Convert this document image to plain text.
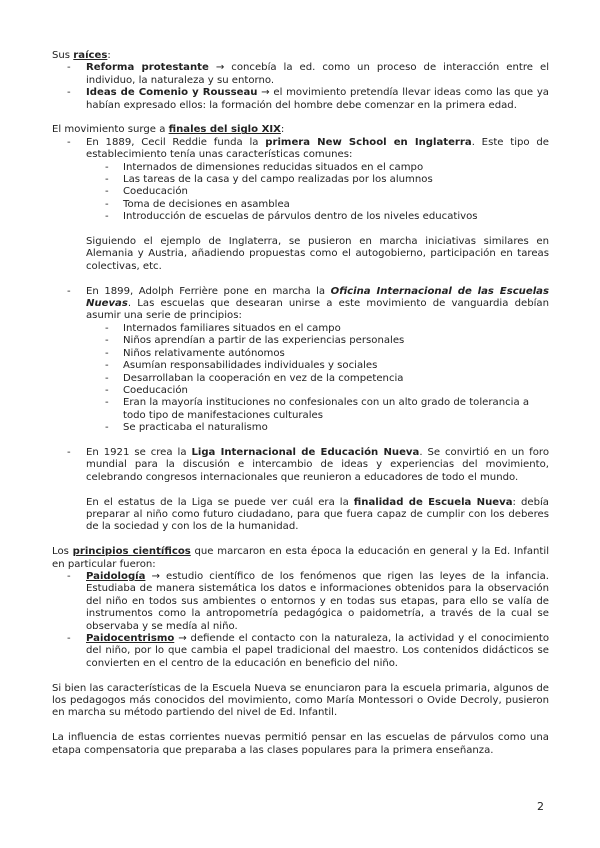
Sus raíces:

- Reforma protestante → concebía la ed. como un proceso de interacción entre el individuo, la naturaleza y su entorno.
- Ideas de Comenio y Rousseau → el movimiento pretendía llevar ideas como las que ya habían expresado ellos: la formación del hombre debe comenzar en la primera edad.

El movimiento surge a finales del siglo XIX:

- En 1889, Cecil Reddie funda la primera New School en Inglaterra. Este tipo de establecimiento tenía unas características comunes:
- Internados de dimensiones reducidas situados en el campo
- Las tareas de la casa y del campo realizadas por los alumnos
- Coeducación
- Toma de decisiones en asamblea
- Introducción de escuelas de párvulos dentro de los niveles educativos

Siguiendo el ejemplo de Inglaterra, se pusieron en marcha iniciativas similares en Alemania y Austria, añadiendo propuestas como el autogobierno, participación en tareas colectivas, etc.

- En 1899, Adolph Ferrière pone en marcha la Oficina Internacional de las Escuelas Nuevas. Las escuelas que desearan unirse a este movimiento de vanguardia debían asumir una serie de principios:
- Internados familiares situados en el campo
- Niños aprendían a partir de las experiencias personales
- Niños relativamente autónomos
- Asumían responsabilidades individuales y sociales
- Desarrollaban la cooperación en vez de la competencia
- Coeducación
- Eran la mayoría instituciones no confesionales con un alto grado de tolerancia a todo tipo de manifestaciones culturales
- Se practicaba el naturalismo
- En 1921 se crea la Liga Internacional de Educación Nueva. Se convirtió en un foro mundial para la discusión e intercambio de ideas y experiencias del movimiento, celebrando congresos internacionales que reunieron a educadores de todo el mundo.

En el estatus de la Liga se puede ver cuál era la finalidad de Escuela Nueva: debía preparar al niño como futuro ciudadano, para que fuera capaz de cumplir con los deberes de la sociedad y con los de la humanidad.

Los principios científicos que marcaron en esta época la educación en general y la Ed. Infantil en particular fueron:

- Paidología → estudio científico de los fenómenos que rigen las leyes de la infancia. Estudiaba de manera sistemática los datos e informaciones obtenidos para la observación del niño en todos sus ambientes o entornos y en todas sus etapas, para ello se valía de instrumentos como la antropometría pedagógica o paidometría, a través de la cual se observaba y se medía al niño.
- Paidocentrismo → defiende el contacto con la naturaleza, la actividad y el conocimiento del niño, por lo que cambia el papel tradicional del maestro. Los contenidos didácticos se convierten en el centro de la educación en beneficio del niño.

Si bien las características de la Escuela Nueva se enunciaron para la escuela primaria, algunos de los pedagogos más conocidos del movimiento, como María Montessori o Ovide Decroly, pusieron en marcha su método partiendo del nivel de Ed. Infantil.

La influencia de estas corrientes nuevas permitió pensar en las escuelas de párvulos como una etapa compensatoria que preparaba a las clases populares para la primera enseñanza.

2
